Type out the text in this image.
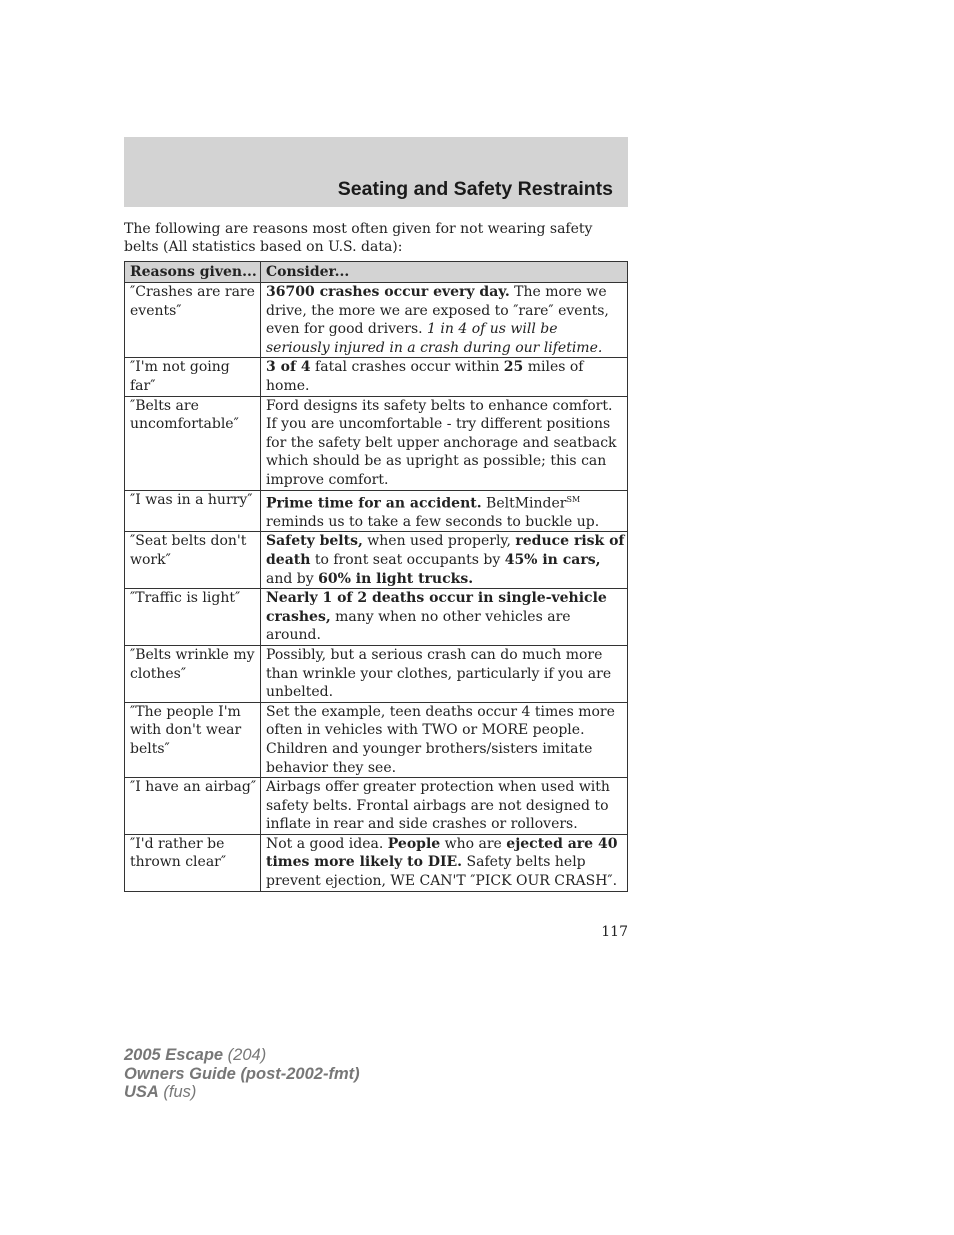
Seating and Safety Restraints

The following are reasons most often given for not wearing safety belts (All statistics based on U.S. data):

Reasons given...	Consider...
″Crashes are rare events″	36700 crashes occur every day. The more we drive, the more we are exposed to ″rare″ events, even for good drivers. 1 in 4 of us will be seriously injured in a crash during our lifetime.
″I'm not going far″	3 of 4 fatal crashes occur within 25 miles of home.
″Belts are uncomfortable″	Ford designs its safety belts to enhance comfort. If you are uncomfortable - try different positions for the safety belt upper anchorage and seatback which should be as upright as possible; this can improve comfort.
″I was in a hurry″	Prime time for an accident. BeltMinder℠ reminds us to take a few seconds to buckle up.
″Seat belts don't work″	Safety belts, when used properly, reduce risk of death to front seat occupants by 45% in cars, and by 60% in light trucks.
″Traffic is light″	Nearly 1 of 2 deaths occur in single-vehicle crashes, many when no other vehicles are around.
″Belts wrinkle my clothes″	Possibly, but a serious crash can do much more than wrinkle your clothes, particularly if you are unbelted.
″The people I'm with don't wear belts″	Set the example, teen deaths occur 4 times more often in vehicles with TWO or MORE people. Children and younger brothers/sisters imitate behavior they see.
″I have an airbag″	Airbags offer greater protection when used with safety belts. Frontal airbags are not designed to inflate in rear and side crashes or rollovers.
″I'd rather be thrown clear″	Not a good idea. People who are ejected are 40 times more likely to DIE. Safety belts help prevent ejection, WE CAN'T ″PICK OUR CRASH″.

117

2005 Escape (204)
Owners Guide (post-2002-fmt)
USA (fus)
